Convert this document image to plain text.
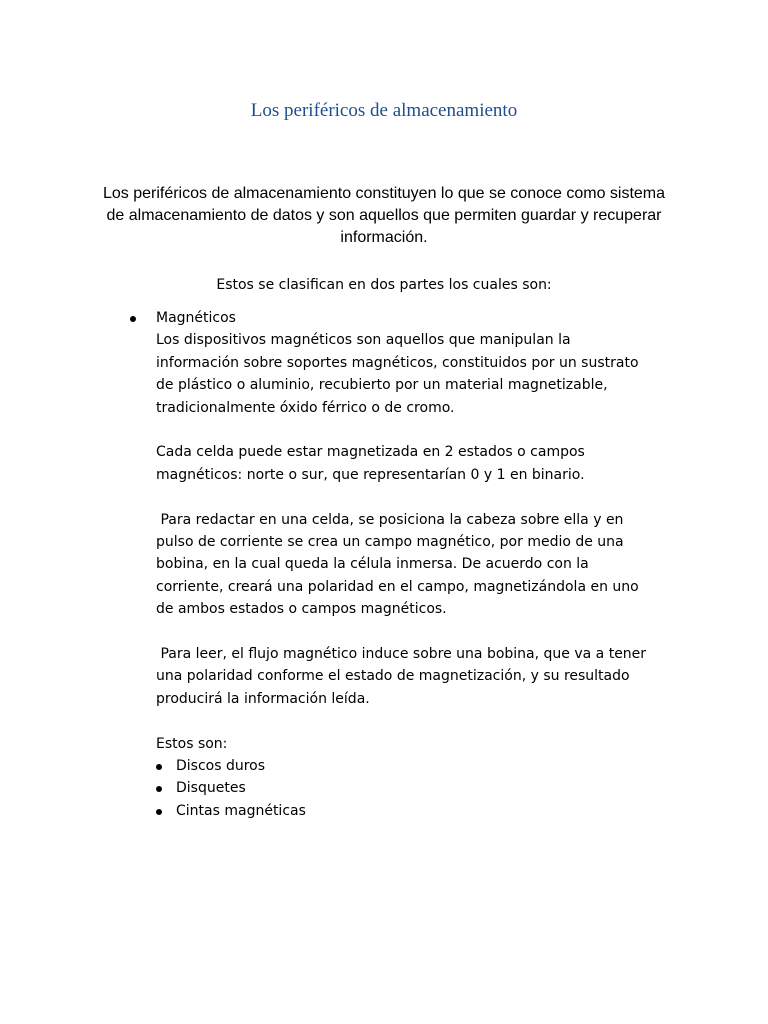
Los periféricos de almacenamiento
Los periféricos de almacenamiento constituyen lo que se conoce como sistema de almacenamiento de datos y son aquellos que permiten guardar y recuperar información.
Estos se clasifican en dos partes los cuales son:

Magnéticos

Los dispositivos magnéticos son aquellos que manipulan la información sobre soportes magnéticos, constituidos por un sustrato de plástico o aluminio, recubierto por un material magnetizable, tradicionalmente óxido férrico o de cromo.

Cada celda puede estar magnetizada en 2 estados o campos magnéticos: norte o sur, que representarían 0 y 1 en binario.

Para redactar en una celda, se posiciona la cabeza sobre ella y en pulso de corriente se crea un campo magnético, por medio de una bobina, en la cual queda la célula inmersa. De acuerdo con la corriente, creará una polaridad en el campo, magnetizándola en uno de ambos estados o campos magnéticos.

Para leer, el flujo magnético induce sobre una bobina, que va a tener una polaridad conforme el estado de magnetización, y su resultado producirá la información leída.

Estos son:

Discos duros
Disquetes
Cintas magnéticas
